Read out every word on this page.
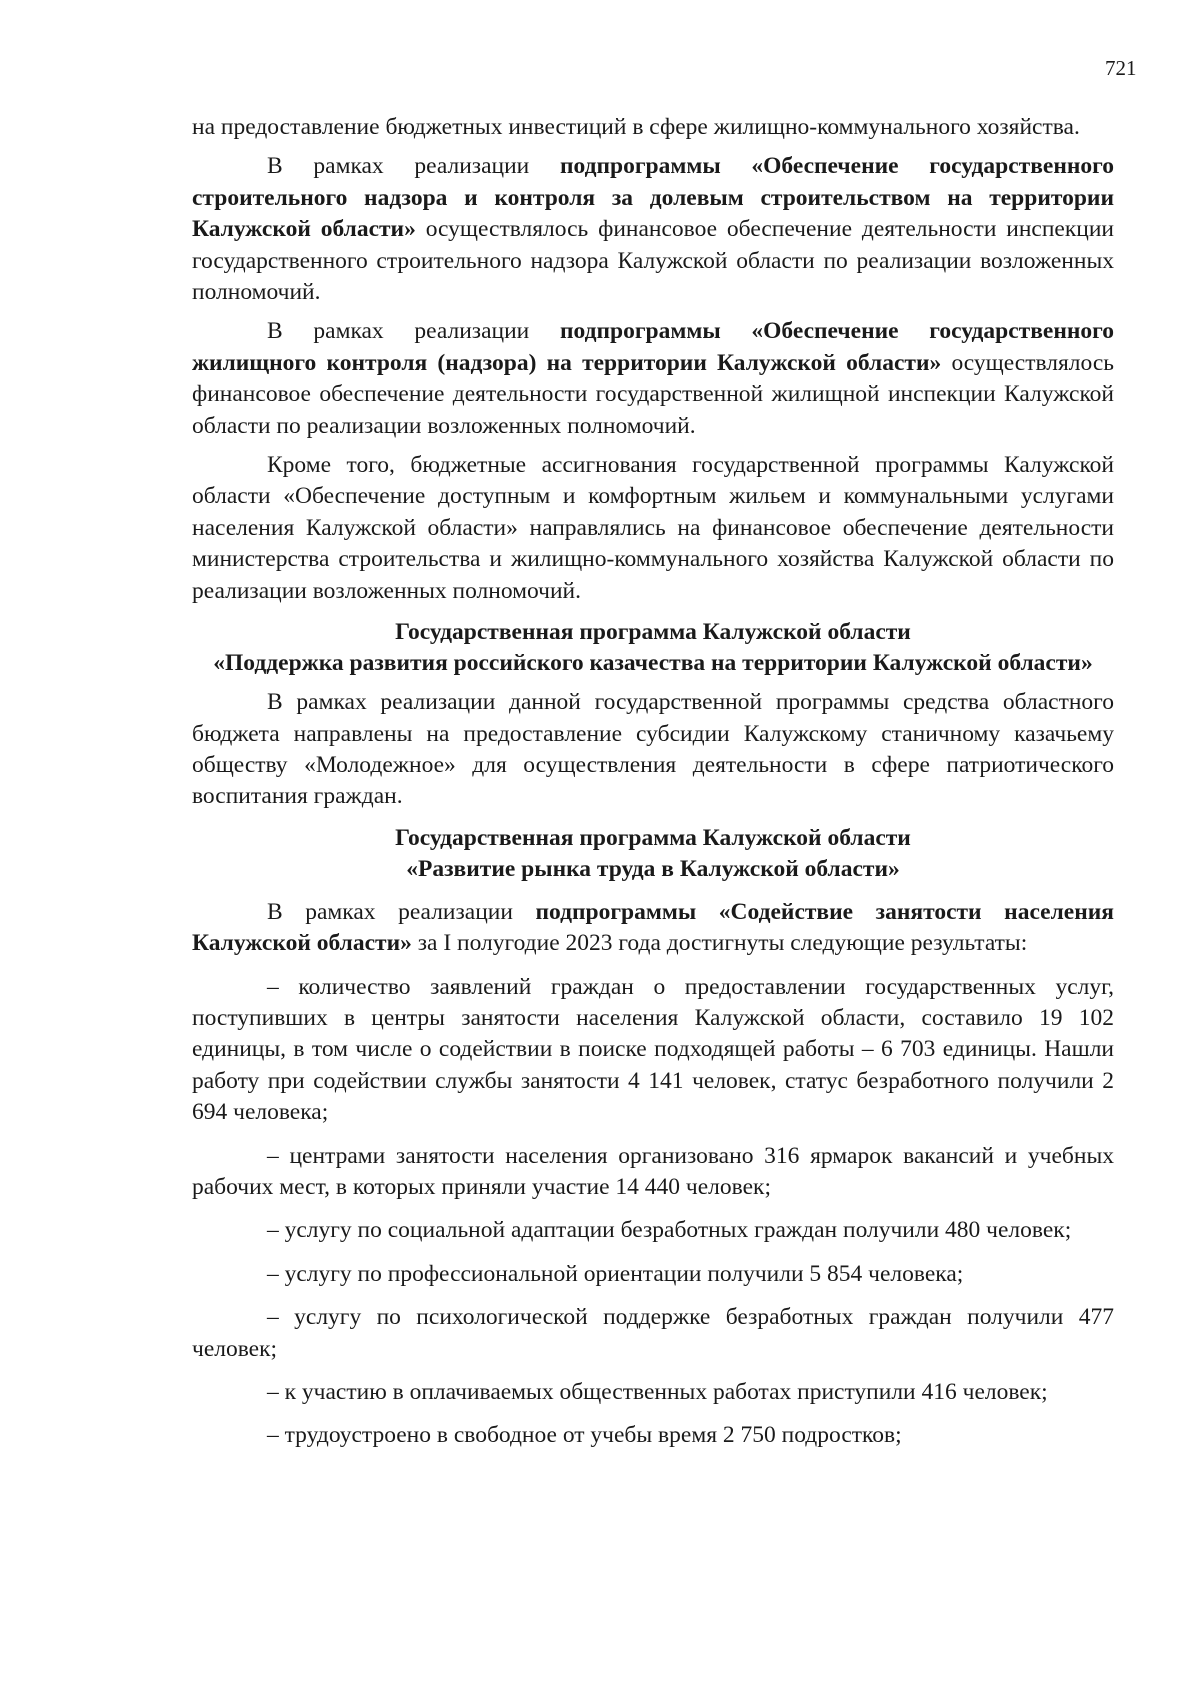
721

на предоставление бюджетных инвестиций в сфере жилищно-коммунального хозяйства.

В рамках реализации подпрограммы «Обеспечение государственного строительного надзора и контроля за долевым строительством на территории Калужской области» осуществлялось финансовое обеспечение деятельности инспекции государственного строительного надзора Калужской области по реализации возложенных полномочий.

В рамках реализации подпрограммы «Обеспечение государственного жилищного контроля (надзора) на территории Калужской области» осуществлялось финансовое обеспечение деятельности государственной жилищной инспекции Калужской области по реализации возложенных полномочий.

Кроме того, бюджетные ассигнования государственной программы Калужской области «Обеспечение доступным и комфортным жильем и коммунальными услугами населения Калужской области» направлялись на финансовое обеспечение деятельности министерства строительства и жилищно-коммунального хозяйства Калужской области по реализации возложенных полномочий.

Государственная программа Калужской области
«Поддержка развития российского казачества на территории Калужской области»

В рамках реализации данной государственной программы средства областного бюджета направлены на предоставление субсидии Калужскому станичному казачьему обществу «Молодежное» для осуществления деятельности в сфере патриотического воспитания граждан.

Государственная программа Калужской области
«Развитие рынка труда в Калужской области»

В рамках реализации подпрограммы «Содействие занятости населения Калужской области» за I полугодие 2023 года достигнуты следующие результаты:

– количество заявлений граждан о предоставлении государственных услуг, поступивших в центры занятости населения Калужской области, составило 19 102 единицы, в том числе о содействии в поиске подходящей работы – 6 703 единицы. Нашли работу при содействии службы занятости 4 141 человек, статус безработного получили 2 694 человека;

– центрами занятости населения организовано 316 ярмарок вакансий и учебных рабочих мест, в которых приняли участие 14 440 человек;

– услугу по социальной адаптации безработных граждан получили 480 человек;

– услугу по профессиональной ориентации получили 5 854 человека;

– услугу по психологической поддержке безработных граждан получили 477 человек;

– к участию в оплачиваемых общественных работах приступили 416 человек;

– трудоустроено в свободное от учебы время 2 750 подростков;
